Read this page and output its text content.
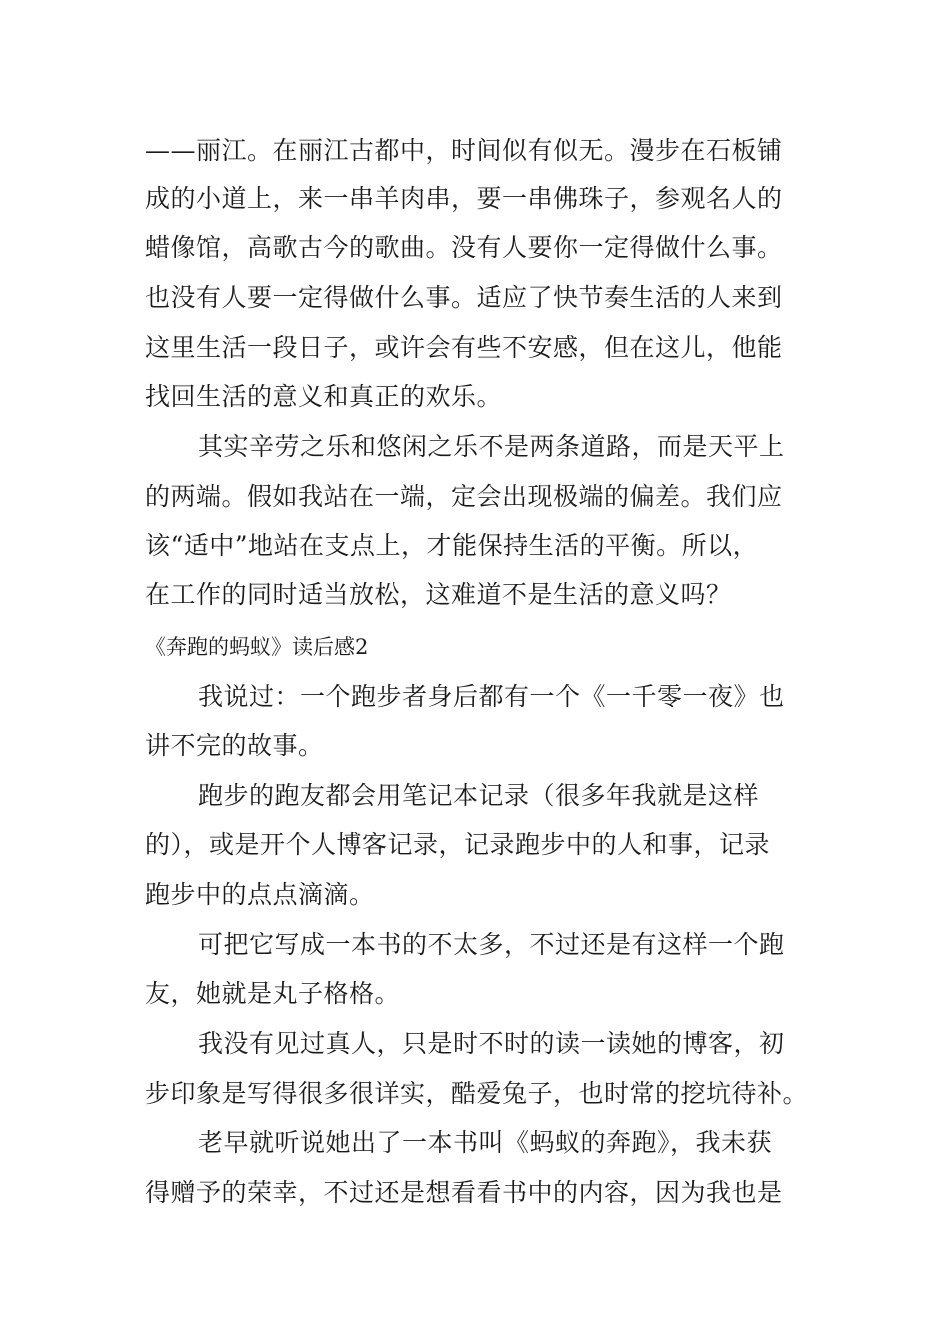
——丽江。在丽江古都中，时间似有似无。漫步在石板铺
成的小道上，来一串羊肉串，要一串佛珠子，参观名人的
蜡像馆，高歌古今的歌曲。没有人要你一定得做什么事。
也没有人要一定得做什么事。适应了快节奏生活的人来到
这里生活一段日子，或许会有些不安感，但在这儿，他能
找回生活的意义和真正的欢乐。
其实辛劳之乐和悠闲之乐不是两条道路，而是天平上
的两端。假如我站在一端，定会出现极端的偏差。我们应
该“适中”地站在支点上，才能保持生活的平衡。所以，
在工作的同时适当放松，这难道不是生活的意义吗？
《奔跑的蚂蚁》读后感2
我说过：一个跑步者身后都有一个《一千零一夜》也
讲不完的故事。
跑步的跑友都会用笔记本记录（很多年我就是这样
的），或是开个人博客记录，记录跑步中的人和事，记录
跑步中的点点滴滴。
可把它写成一本书的不太多，不过还是有这样一个跑
友，她就是丸子格格。
我没有见过真人，只是时不时的读一读她的博客，初
步印象是写得很多很详实，酷爱兔子，也时常的挖坑待补。
老早就听说她出了一本书叫《蚂蚁的奔跑》，我未获
得赠予的荣幸，不过还是想看看书中的内容，因为我也是
